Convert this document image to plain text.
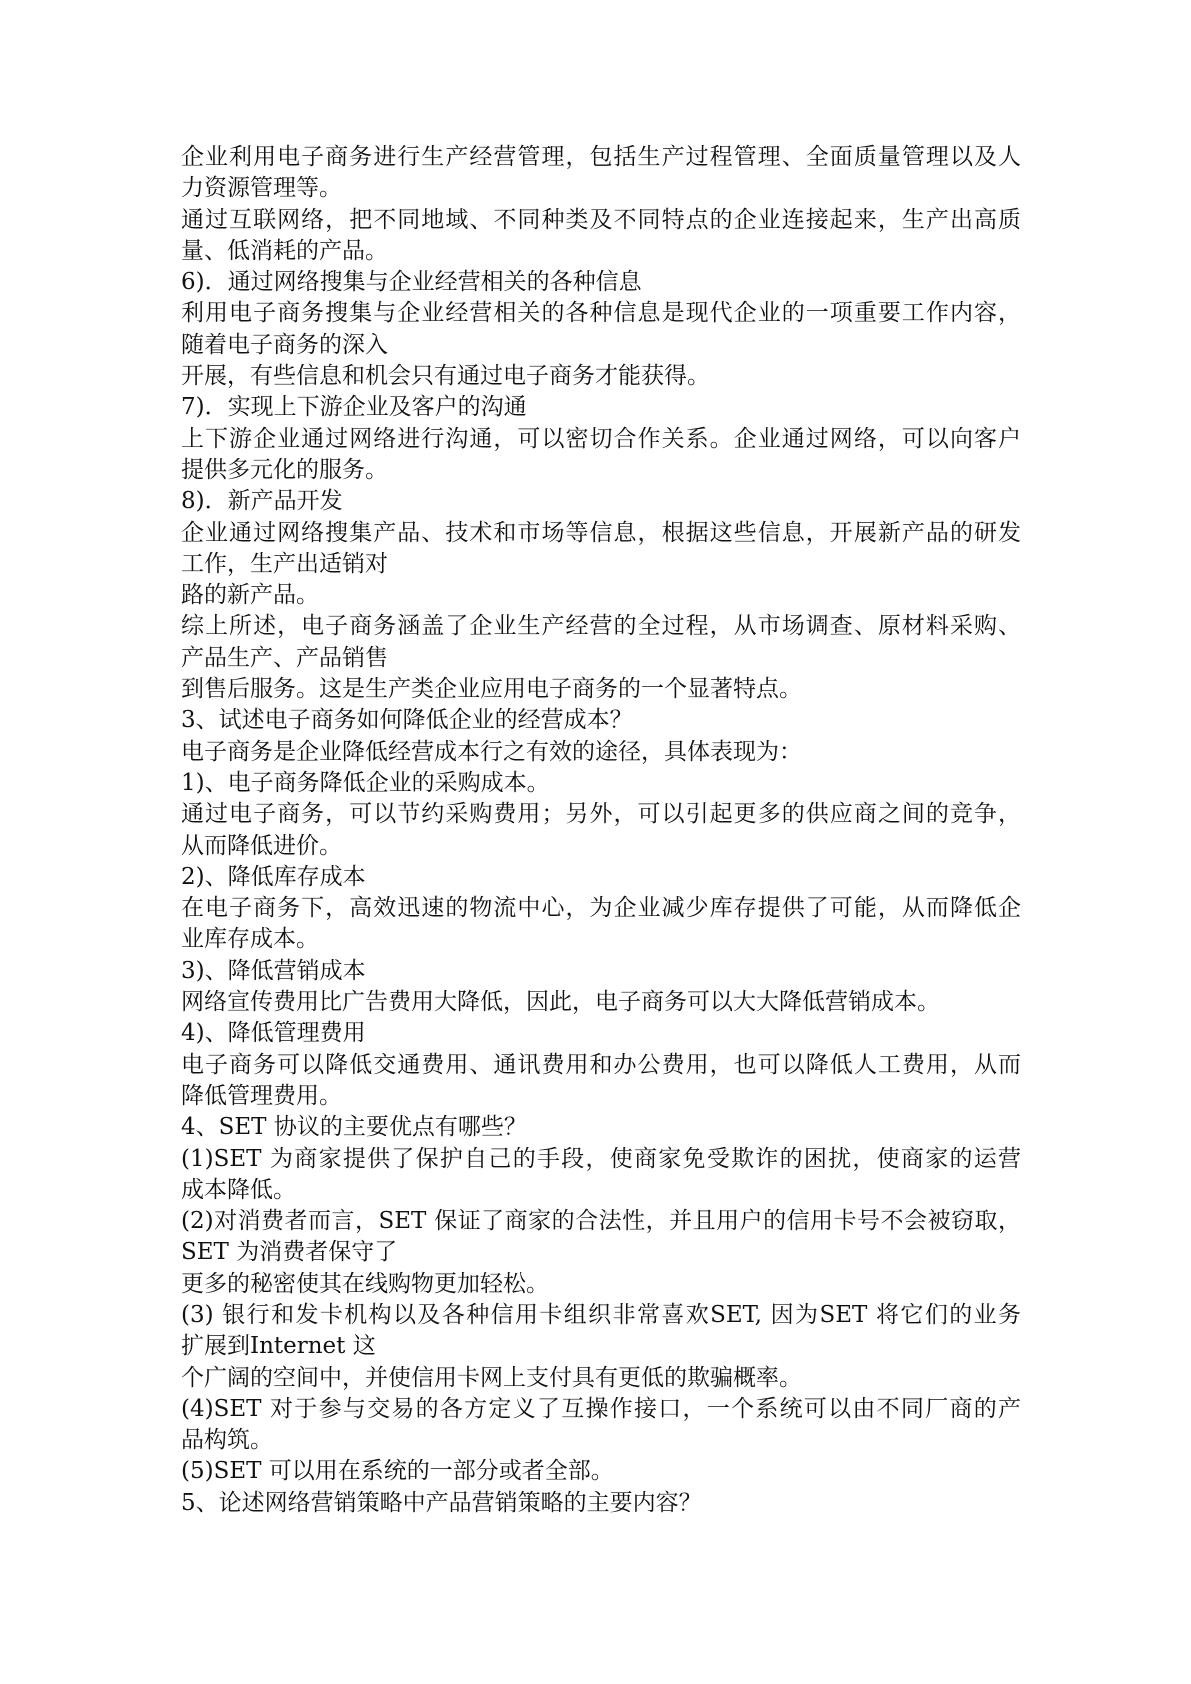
企业利用电子商务进行生产经营管理，包括生产过程管理、全面质量管理以及人
力资源管理等。
通过互联网络，把不同地域、不同种类及不同特点的企业连接起来，生产出高质
量、低消耗的产品。
6)．通过网络搜集与企业经营相关的各种信息
利用电子商务搜集与企业经营相关的各种信息是现代企业的一项重要工作内容，
随着电子商务的深入
开展，有些信息和机会只有通过电子商务才能获得。
7)．实现上下游企业及客户的沟通
上下游企业通过网络进行沟通，可以密切合作关系。企业通过网络，可以向客户
提供多元化的服务。
8)．新产品开发
企业通过网络搜集产品、技术和市场等信息，根据这些信息，开展新产品的研发
工作，生产出适销对
路的新产品。
综上所述，电子商务涵盖了企业生产经营的全过程，从市场调查、原材料采购、
产品生产、产品销售
到售后服务。这是生产类企业应用电子商务的一个显著特点。
3、试述电子商务如何降低企业的经营成本？
电子商务是企业降低经营成本行之有效的途径，具体表现为：
1)、电子商务降低企业的采购成本。
通过电子商务，可以节约采购费用；另外，可以引起更多的供应商之间的竞争，
从而降低进价。
2)、降低库存成本
在电子商务下，高效迅速的物流中心，为企业减少库存提供了可能，从而降低企
业库存成本。
3)、降低营销成本
网络宣传费用比广告费用大降低，因此，电子商务可以大大降低营销成本。
4)、降低管理费用
电子商务可以降低交通费用、通讯费用和办公费用，也可以降低人工费用，从而
降低管理费用。
4、SET 协议的主要优点有哪些？
(1)SET 为商家提供了保护自己的手段，使商家免受欺诈的困扰，使商家的运营
成本降低。
(2)对消费者而言，SET 保证了商家的合法性，并且用户的信用卡号不会被窃取，
SET 为消费者保守了
更多的秘密使其在线购物更加轻松。
(3) 银行和发卡机构以及各种信用卡组织非常喜欢SET, 因为SET 将它们的业务
扩展到Internet 这
个广阔的空间中，并使信用卡网上支付具有更低的欺骗概率。
(4)SET 对于参与交易的各方定义了互操作接口，一个系统可以由不同厂商的产
品构筑。
(5)SET 可以用在系统的一部分或者全部。
5、论述网络营销策略中产品营销策略的主要内容？
